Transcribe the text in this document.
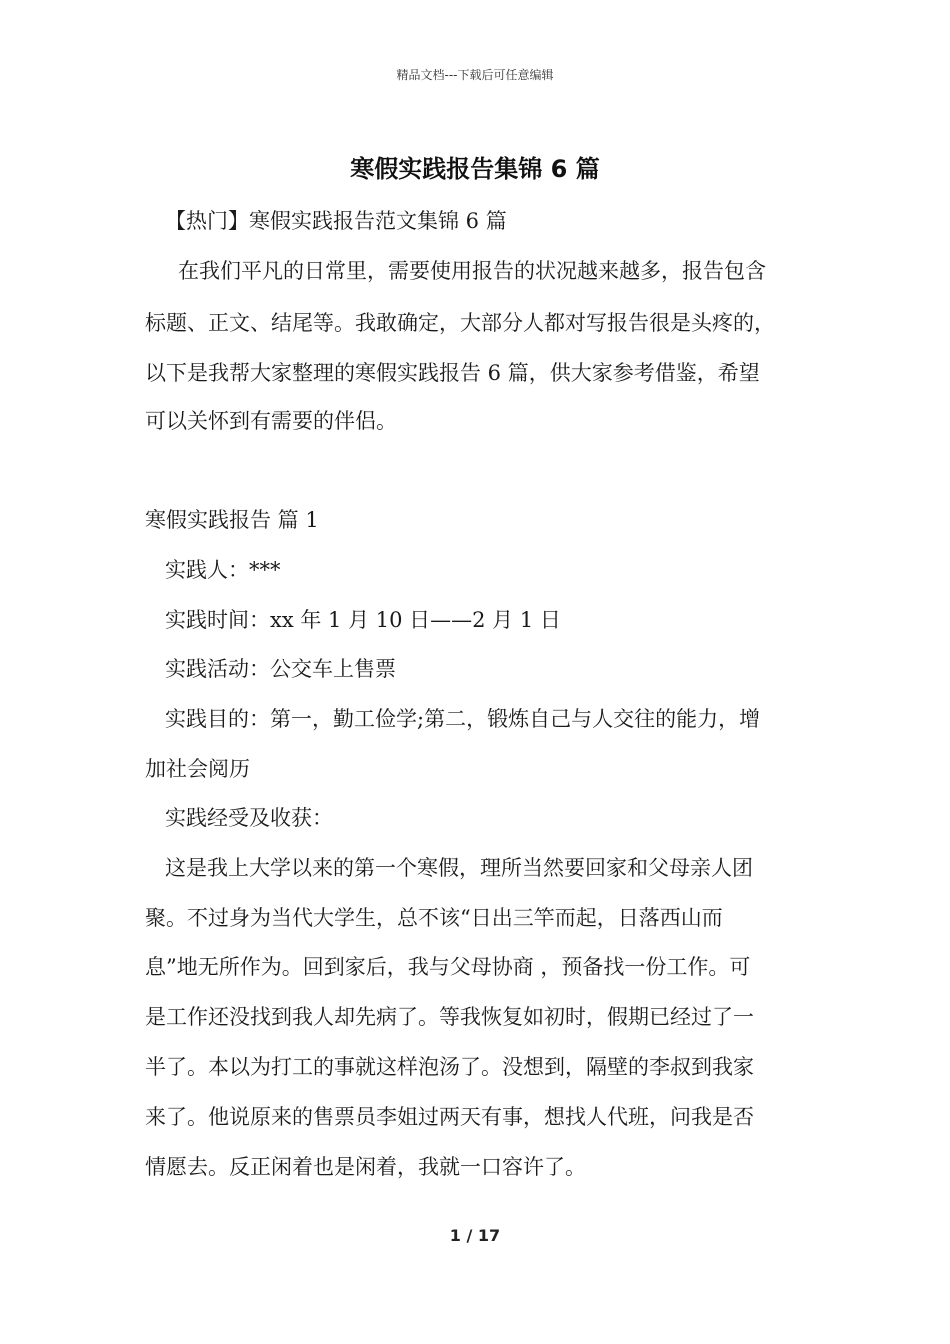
精品文档---下载后可任意编辑
寒假实践报告集锦 6 篇
【热门】寒假实践报告范文集锦 6 篇
在我们平凡的日常里，需要使用报告的状况越来越多，报告包含
标题、正文、结尾等。我敢确定，大部分人都对写报告很是头疼的，
以下是我帮大家整理的寒假实践报告 6 篇，供大家参考借鉴，希望
可以关怀到有需要的伴侣。
寒假实践报告 篇 1
实践人：***
实践时间：xx 年 1 月 10 日——2 月 1 日
实践活动：公交车上售票
实践目的：第一，勤工俭学;第二，锻炼自己与人交往的能力，增
加社会阅历
实践经受及收获：
这是我上大学以来的第一个寒假，理所当然要回家和父母亲人团
聚。不过身为当代大学生，总不该“日出三竿而起，日落西山而
息”地无所作为。回到家后，我与父母协商 ，预备找一份工作。可
是工作还没找到我人却先病了。等我恢复如初时，假期已经过了一
半了。本以为打工的事就这样泡汤了。没想到，隔壁的李叔到我家
来了。他说原来的售票员李姐过两天有事，想找人代班，问我是否
情愿去。反正闲着也是闲着，我就一口容许了。
1 / 17
